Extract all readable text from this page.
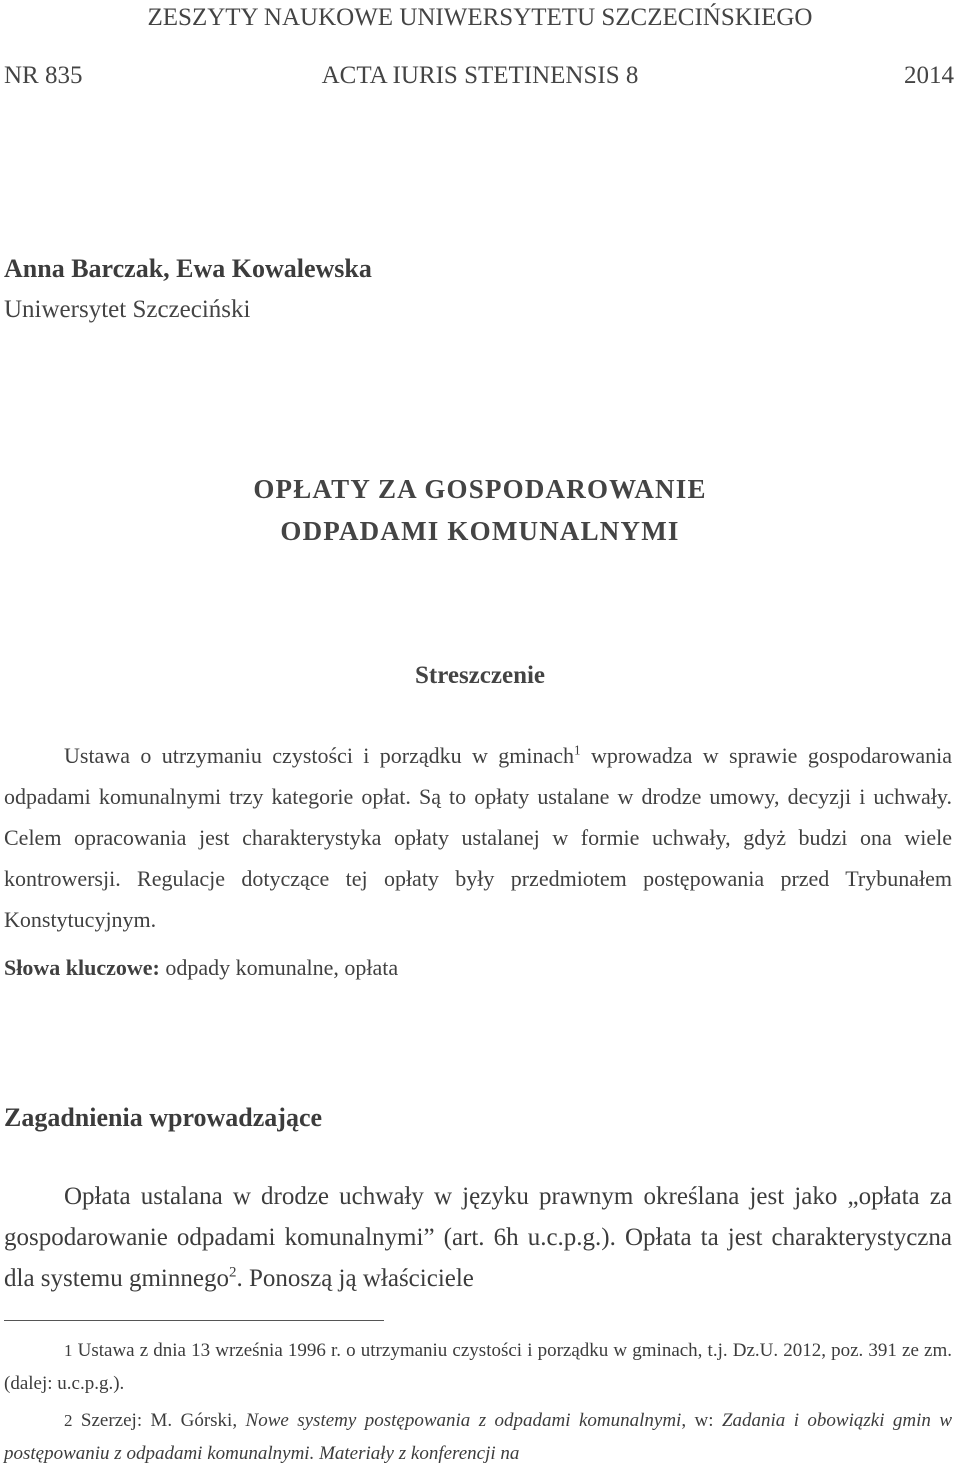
ZESZYTY NAUKOWE UNIWERSYTETU SZCZECIŃSKIEGO
ACTA IURIS STETINENSIS 8
NR 835	2014
Anna Barczak, Ewa Kowalewska
Uniwersytet Szczeciński
OPŁATY ZA GOSPODAROWANIE
ODPADAMI KOMUNALNYMI
Streszczenie

Ustawa o utrzymaniu czystości i porządku w gminach$^1$ wprowadza w sprawie gospodarowania odpadami komunalnymi trzy kategorie opłat. Są to opłaty ustalane w drodze umowy, decyzji i uchwały. Celem opracowania jest charakterystyka opłaty ustalanej w formie uchwały, gdyż budzi ona wiele kontrowersji. Regulacje dotyczące tej opłaty były przedmiotem postępowania przed Trybunałem Konstytucyjnym.

Słowa kluczowe: odpady komunalne, opłata
Zagadnienia wprowadzające

Opłata ustalana w drodze uchwały w języku prawnym określana jest jako „opłata za gospodarowanie odpadami komunalnymi” (art. 6h u.c.p.g.). Opłata ta jest charakterystyczna dla systemu gminnego$^2$. Ponoszą ją właściciele

1 Ustawa z dnia 13 września 1996 r. o utrzymaniu czystości i porządku w gminach, t.j. Dz.U. 2012, poz. 391 ze zm. (dalej: u.c.p.g.).

2 Szerzej: M. Górski, Nowe systemy postępowania z odpadami komunalnymi, w: Zadania i obowiązki gmin w postępowaniu z odpadami komunalnymi. Materiały z konferencji na
